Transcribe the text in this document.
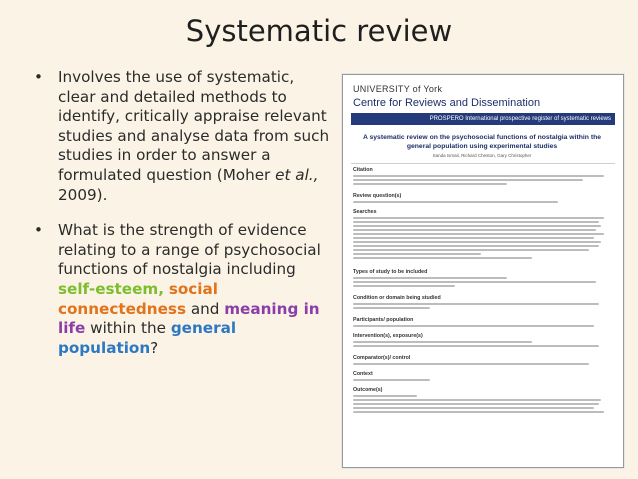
Systematic review
• Involves the use of systematic, clear and detailed methods to identify, critically appraise relevant studies and analyse data from such studies in order to answer a formulated question (Moher et al., 2009).
• What is the strength of evidence relating to a range of psychosocial functions of nostalgia including self-esteem, social connectedness and meaning in life within the general population?
UNIVERSITY of York
Centre for Reviews and Dissemination
PROSPERO International prospective register of systematic reviews
A systematic review on the psychosocial functions of nostalgia within the general population using experimental studies
Sanda Ismail, Richard Cheston, Gary Christopher
Citation
Review question(s)
Searches
Types of study to be included
Condition or domain being studied
Participants/ population
Intervention(s), exposure(s)
Comparator(s)/ control
Context
Outcome(s)
